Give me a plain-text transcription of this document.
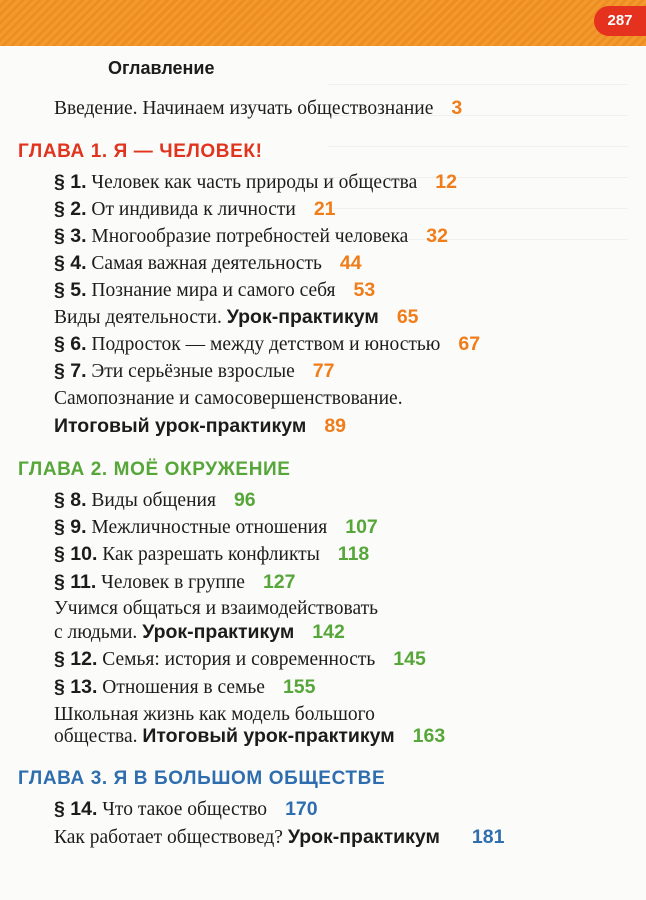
287
Оглавление
Введение. Начинаем изучать обществознание 3
ГЛАВА 1. Я — ЧЕЛОВЕК!
§ 1. Человек как часть природы и общества 12
§ 2. От индивида к личности 21
§ 3. Многообразие потребностей человека 32
§ 4. Самая важная деятельность 44
§ 5. Познание мира и самого себя 53
Виды деятельности. Урок-практикум 65
§ 6. Подросток — между детством и юностью 67
§ 7. Эти серьёзные взрослые 77
Самопознание и самосовершенствование.
Итоговый урок-практикум 89
ГЛАВА 2. МОЁ ОКРУЖЕНИЕ
§ 8. Виды общения 96
§ 9. Межличностные отношения 107
§ 10. Как разрешать конфликты 118
§ 11. Человек в группе 127
Учимся общаться и взаимодействовать
с людьми. Урок-практикум 142
§ 12. Семья: история и современность 145
§ 13. Отношения в семье 155
Школьная жизнь как модель большого
общества. Итоговый урок-практикум 163
ГЛАВА 3. Я В БОЛЬШОМ ОБЩЕСТВЕ
§ 14. Что такое общество 170
Как работает обществовед? Урок-практикум 181
